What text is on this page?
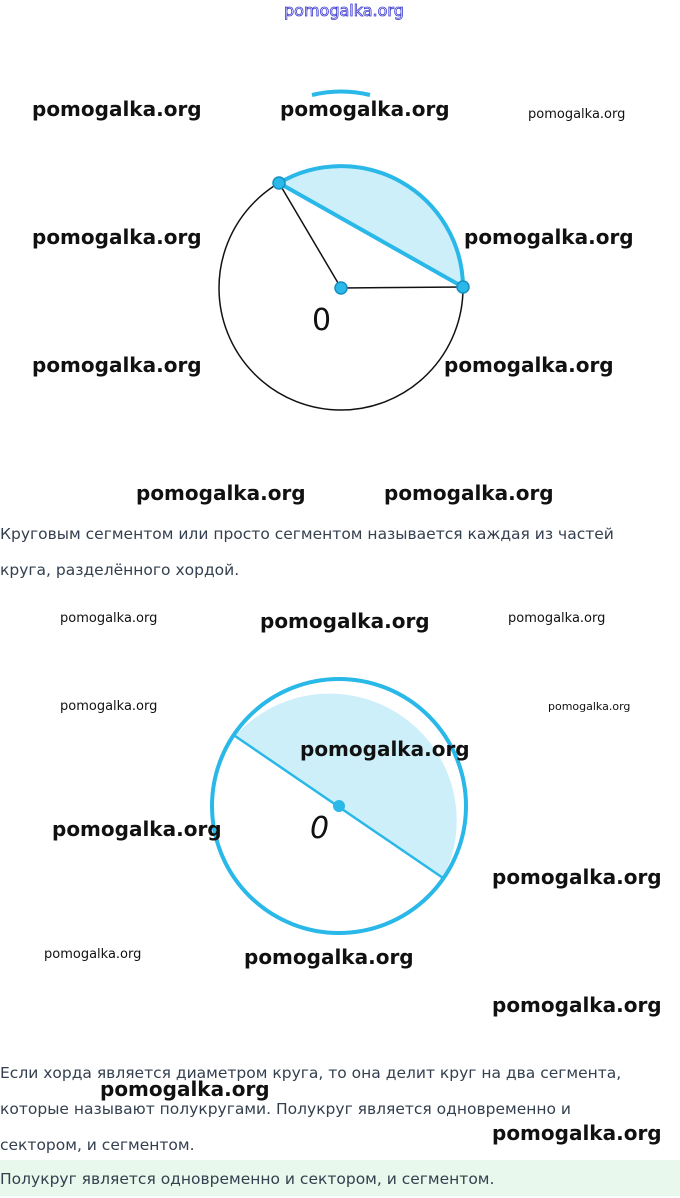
pomogalka.org
0
pomogalka.org	pomogalka.org	pomogalka.org
pomogalka.org	pomogalka.org
pomogalka.org	pomogalka.org
pomogalka.org	pomogalka.org
Круговым сегментом или просто сегментом называется каждая из частей
круга, разделённого хордой.
0
pomogalka.org	pomogalka.org	pomogalka.org
pomogalka.org	pomogalka.org
pomogalka.org
pomogalka.org
pomogalka.org
pomogalka.org	pomogalka.org
pomogalka.org
Если хорда является диаметром круга, то она делит круг на два сегмента,
которые называют полукругами. Полукруг является одновременно и
сектором, и сегментом.
pomogalka.org
pomogalka.org
Полукруг является одновременно и сектором, и сегментом.
